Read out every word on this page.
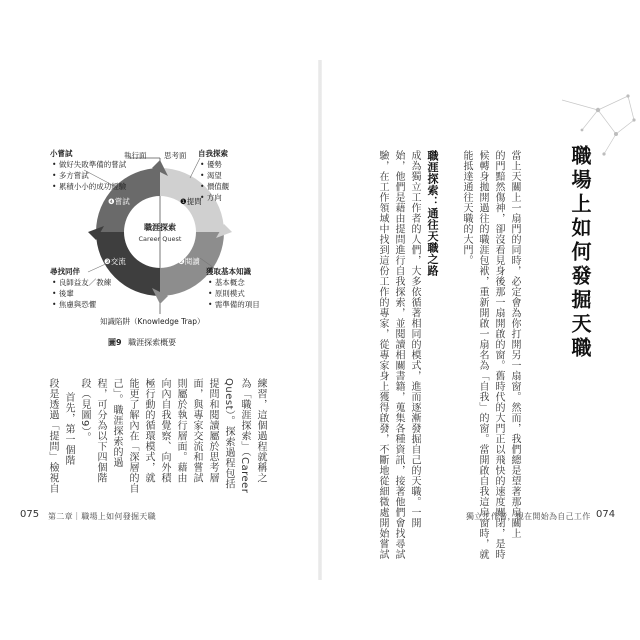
執行面 思考面
職涯探索
Career Quest
❶提問
❷閱讀
❸交流
❹嘗試
知識陷阱（Knowledge Trap）
小嘗試
• 做好失敗準備的嘗試
• 多方嘗試
• 累積小小的成功經驗
自我探索
• 優勢
• 渴望
• 價值觀
• 方向
尋找同伴
• 良師益友／教練
• 後輩
• 焦慮與恐懼
獲取基本知識
• 基本概念
• 原則模式
• 需準備的項目
圖9 職涯探索概要
練習，這個過程就稱之
為「職涯探索」（Career
Quest）。探索過程包括
提問和閱讀屬於思考層
面，與專家交流和嘗試
則屬於執行層面。藉由
向內自我覺察、向外積
極行動的循環模式，就
能更了解內在「深層的自
己」。職涯探索的過
程，可分為以下四個階
段（見圖9）。
首先，第一個階
段是透過「提問」檢視自
075 第二章｜職場上如何發掘天職
職場上如何發掘天職
當上天關上一扇門的同時，必定會為你打開另一扇窗。然而，我們總是望著那扇關上
的門黯然傷神，卻沒看見身後那一扇開啟的窗。舊時代的大門正以飛快的速度關閉，是時
候轉身拋開過往的職涯包袱，重新開啟一扇名為「自我」的窗。當開啟自我這扇窗時，就
能抵達通往天職的大門。
職涯探索：通往天職之路
成為獨立工作者的人們，大多依循著相同的模式，進而逐漸發掘自己的天職。一開
始，他們是藉由提問進行自我探索，並閱讀相關書籍，蒐集各種資訊，接著他們會找尋試
驗，在工作領域中找到這份工作的專家，從專家身上獲得啟發，不斷地從細微處開始嘗試	獨立工作者，現在開始為自己工作 074
